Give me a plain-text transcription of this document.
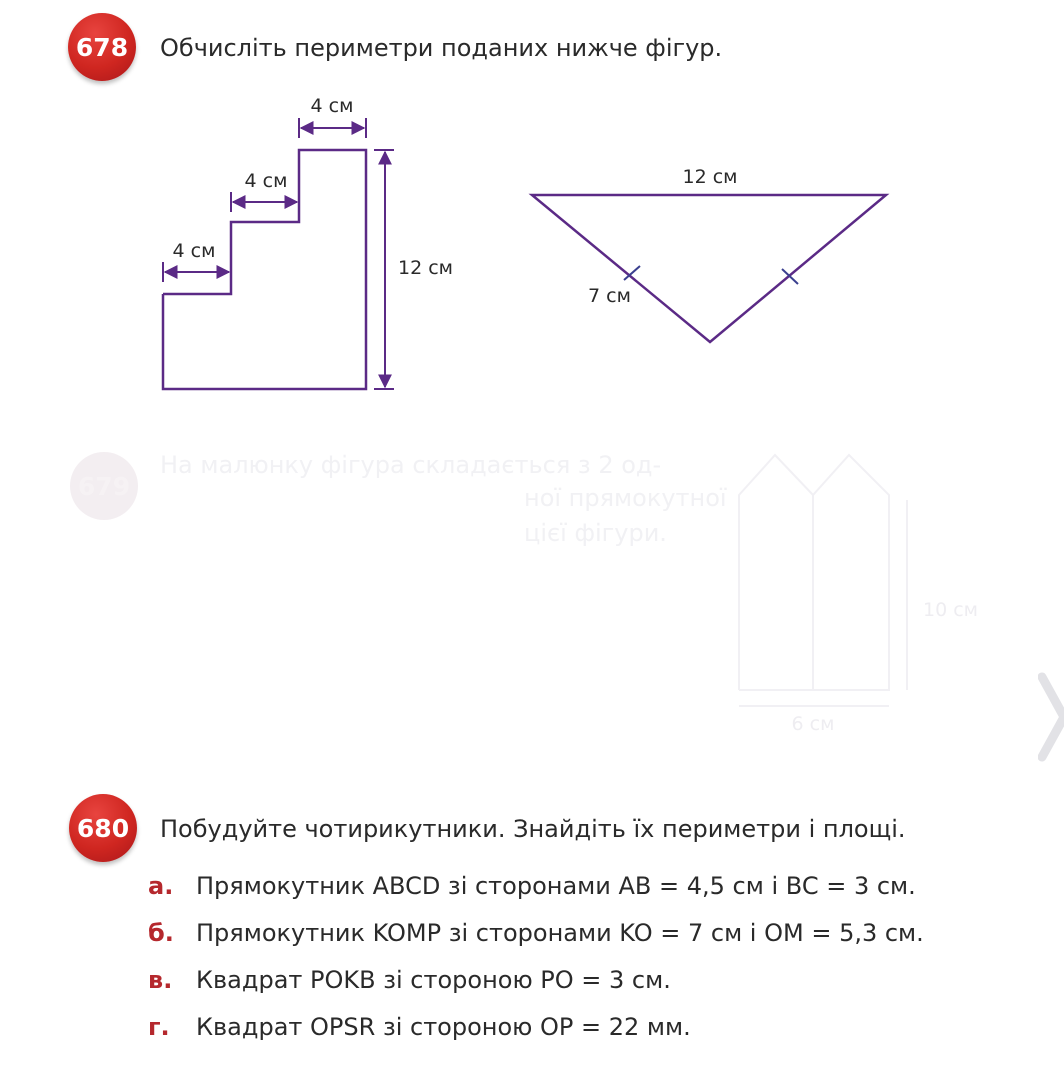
678 Обчисліть периметри поданих нижче фігур.
4 см
4 см
4 см
12 см
12 см
7 см
679
На малюнку фігура складається з 2 од-
ної прямокутної
цієї фігури.
6 см
10 см
680 Побудуйте чотирикутники. Знайдіть їх периметри і площі.
а. Прямокутник ABCD зі сторонами AB = 4,5 см і BC = 3 см.
б. Прямокутник KOMP зі сторонами KO = 7 см і OM = 5,3 см.
в. Квадрат POKB зі стороною PO = 3 см.
г. Квадрат OPSR зі стороною OP = 22 мм.
